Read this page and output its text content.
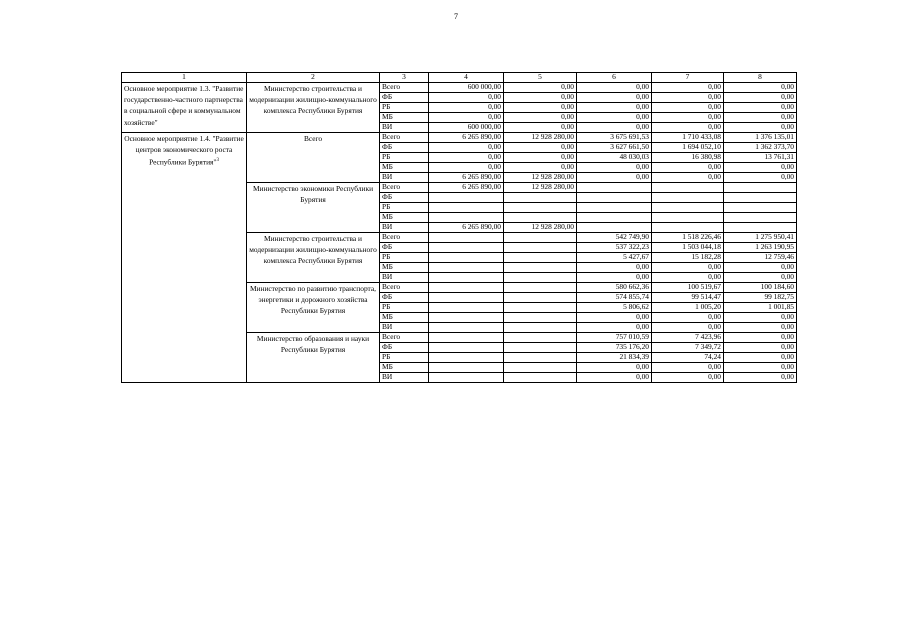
7
1	2	3	4	5	6	7	8
Основное мероприятие 1.3. "Развитие государственно-частного партнерства в социальной сфере и коммунальном хозяйстве"	Министерство строительства и модернизации жилищно-коммунального комплекса Республики Бурятия	Всего	600 000,00	0,00	0,00	0,00	0,00
		ФБ	0,00	0,00	0,00	0,00	0,00
		РБ	0,00	0,00	0,00	0,00	0,00
		МБ	0,00	0,00	0,00	0,00	0,00
		ВИ	600 000,00	0,00	0,00	0,00	0,00
Основное мероприятие 1.4. "Развитие центров экономического роста Республики Бурятия"$^3$	Всего	Всего	6 265 890,00	12 928 280,00	3 675 691,53	1 710 433,08	1 376 135,01
		ФБ	0,00	0,00	3 627 661,50	1 694 052,10	1 362 373,70
		РБ	0,00	0,00	48 030,03	16 380,98	13 761,31
		МБ	0,00	0,00	0,00	0,00	0,00
		ВИ	6 265 890,00	12 928 280,00	0,00	0,00	0,00
	Министерство экономики Республики Бурятия	Всего	6 265 890,00	12 928 280,00			
		ФБ					
		РБ					
		МБ					
		ВИ	6 265 890,00	12 928 280,00			
	Министерство строительства и модернизации жилищно-коммунального комплекса Республики Бурятия	Всего			542 749,90	1 518 226,46	1 275 950,41
		ФБ			537 322,23	1 503 044,18	1 263 190,95
		РБ			5 427,67	15 182,28	12 759,46
		МБ			0,00	0,00	0,00
		ВИ			0,00	0,00	0,00
	Министерство по развитию транспорта, энергетики и дорожного хозяйства Республики Бурятия	Всего			580 662,36	100 519,67	100 184,60
		ФБ			574 855,74	99 514,47	99 182,75
		РБ			5 806,62	1 005,20	1 001,85
		МБ			0,00	0,00	0,00
		ВИ			0,00	0,00	0,00
	Министерство образования и науки Республики Бурятия	Всего			757 010,59	7 423,96	0,00
		ФБ			735 176,20	7 349,72	0,00
		РБ			21 834,39	74,24	0,00
		МБ			0,00	0,00	0,00
		ВИ			0,00	0,00	0,00
